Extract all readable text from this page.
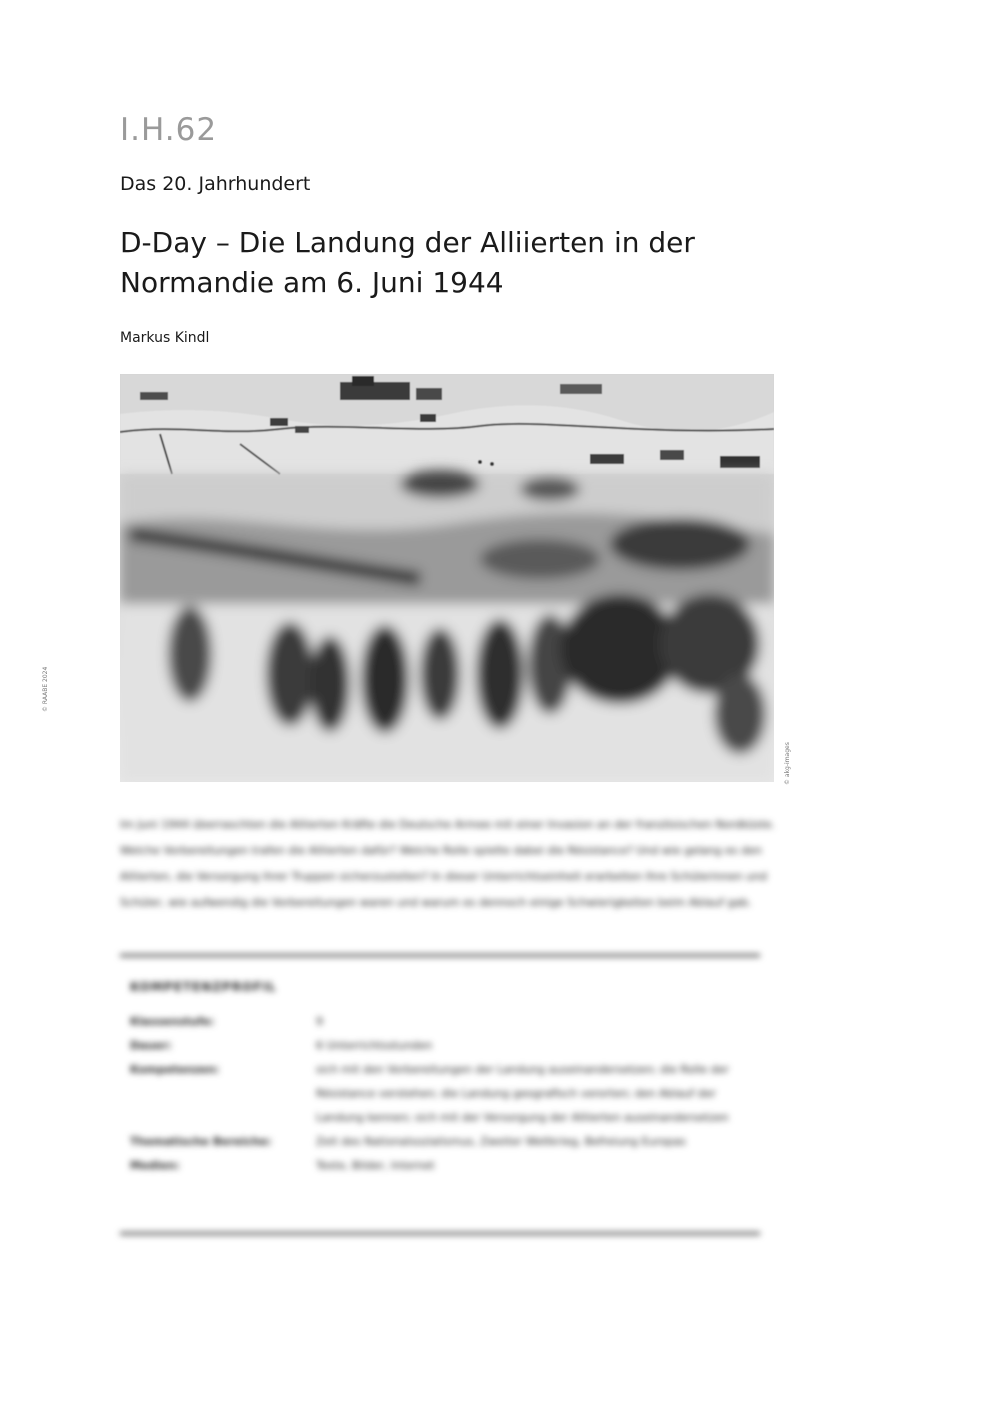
I.H.62
Das 20. Jahrhundert
D-Day – Die Landung der Alliierten in der Normandie am 6. Juni 1944
Markus Kindl
© RAABE 2024
© akg-images
Im Juni 1944 überraschten die Alliierten Kräfte die Deutsche Armee mit einer Invasion an der französischen Nordküste. Welche Vorbereitungen trafen die Alliierten dafür? Welche Rolle spielte dabei die Résistance? Und wie gelang es den Alliierten, die Versorgung ihrer Truppen sicherzustellen? In dieser Unterrichtseinheit erarbeiten Ihre Schülerinnen und Schüler, wie aufwendig die Vorbereitungen waren und warum es dennoch einige Schwierigkeiten beim Ablauf gab.
KOMPETENZPROFIL
Klassenstufe:	9
Dauer:	6 Unterrichtsstunden
Kompetenzen:	sich mit den Vorbereitungen der Landung auseinandersetzen; die Rolle der Résistance verstehen; die Landung geografisch verorten; den Ablauf der Landung kennen; sich mit der Versorgung der Alliierten auseinandersetzen
Thematische Bereiche:	Zeit des Nationalsozialismus, Zweiter Weltkrieg, Befreiung Europas
Medien:	Texte, Bilder, Internet
